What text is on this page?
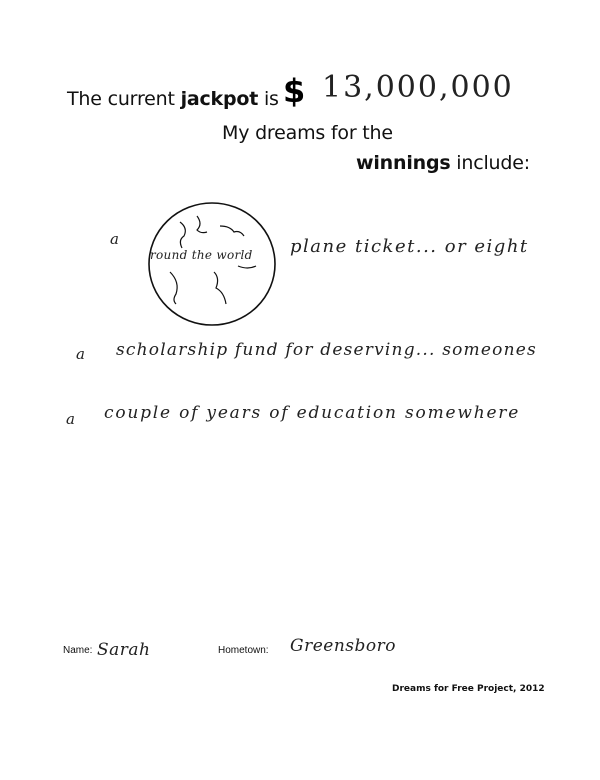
The current jackpot is $ 13,000,000
My dreams for the
winnings include:
a
round the world plane ticket... or eight
a scholarship fund for deserving... someones
a couple of years of education somewhere
Name: Sarah	Hometown: Greensboro
Dreams for Free Project, 2012
